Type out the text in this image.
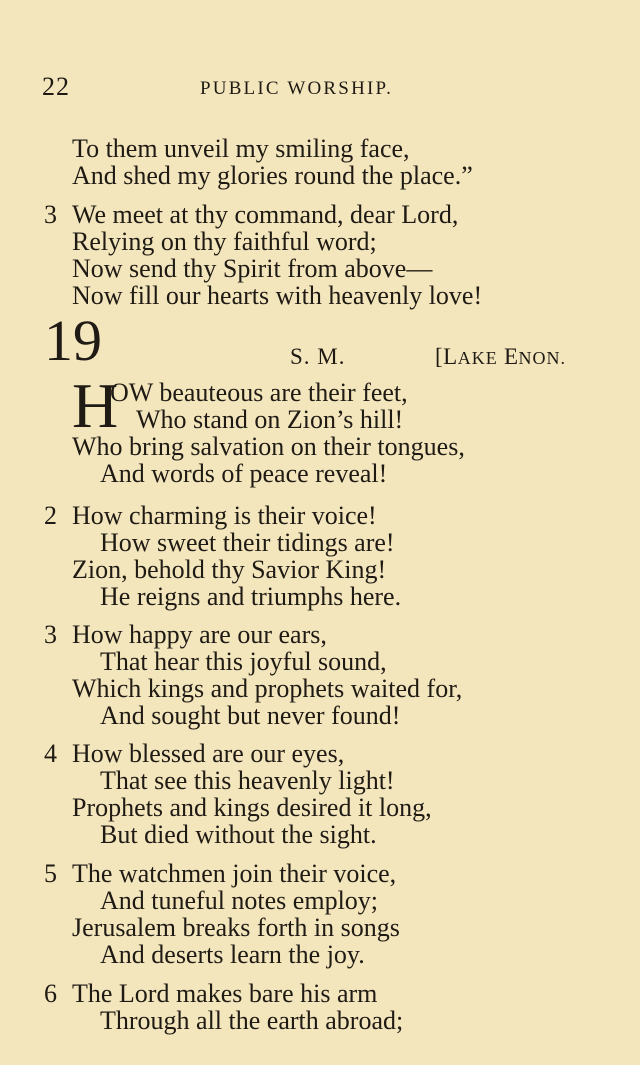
22	PUBLIC WORSHIP.
To them unveil my smiling face,
And shed my glories round the place.”
3 We meet at thy command, dear Lord,
Relying on thy faithful word;
Now send thy Spirit from above—
Now fill our hearts with heavenly love!
19	S. M.	[LAKE ENON.
H
OW beauteous are their feet,
Who stand on Zion’s hill!
Who bring salvation on their tongues,
And words of peace reveal!
2 How charming is their voice!
How sweet their tidings are!
Zion, behold thy Savior King!
He reigns and triumphs here.
3 How happy are our ears,
That hear this joyful sound,
Which kings and prophets waited for,
And sought but never found!
4 How blessed are our eyes,
That see this heavenly light!
Prophets and kings desired it long,
But died without the sight.
5 The watchmen join their voice,
And tuneful notes employ;
Jerusalem breaks forth in songs
And deserts learn the joy.
6 The Lord makes bare his arm
Through all the earth abroad;
